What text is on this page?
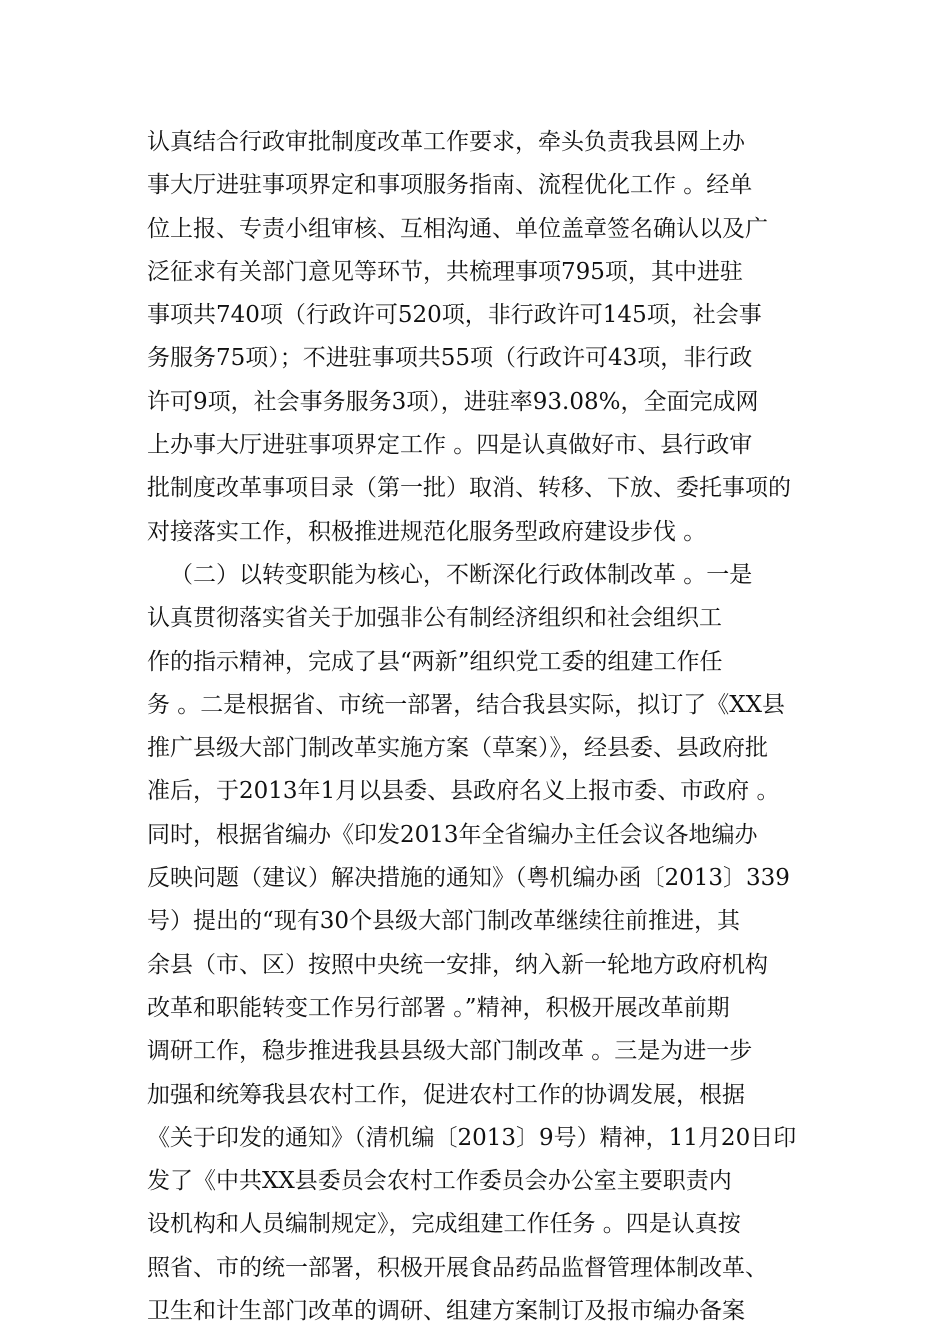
认真结合行政审批制度改革工作要求，牵头负责我县网上办
事大厅进驻事项界定和事项服务指南、流程优化工作 。经单
位上报、专责小组审核、互相沟通、单位盖章签名确认以及广
泛征求有关部门意见等环节，共梳理事项795项，其中进驻
事项共740项（行政许可520项，非行政许可145项，社会事
务服务75项）；不进驻事项共55项（行政许可43项，非行政
许可9项，社会事务服务3项），进驻率93.08%，全面完成网
上办事大厅进驻事项界定工作 。四是认真做好市、县行政审
批制度改革事项目录（第一批）取消、转移、下放、委托事项的
对接落实工作，积极推进规范化服务型政府建设步伐 。
（二）以转变职能为核心，不断深化行政体制改革 。一是
认真贯彻落实省关于加强非公有制经济组织和社会组织工
作的指示精神，完成了县“两新”组织党工委的组建工作任
务 。二是根据省、市统一部署，结合我县实际，拟订了《XX县
推广县级大部门制改革实施方案（草案）》，经县委、县政府批
准后，于2013年1月以县委、县政府名义上报市委、市政府 。
同时，根据省编办《印发2013年全省编办主任会议各地编办
反映问题（建议）解决措施的通知》（粤机编办函〔2013〕339
号）提出的“现有30个县级大部门制改革继续往前推进，其
余县（市、区）按照中央统一安排，纳入新一轮地方政府机构
改革和职能转变工作另行部署 。”精神，积极开展改革前期
调研工作，稳步推进我县县级大部门制改革 。三是为进一步
加强和统筹我县农村工作，促进农村工作的协调发展，根据
《关于印发的通知》（清机编〔2013〕9号）精神，11月20日印
发了《中共XX县委员会农村工作委员会办公室主要职责内
设机构和人员编制规定》，完成组建工作任务 。四是认真按
照省、市的统一部署，积极开展食品药品监督管理体制改革、
卫生和计生部门改革的调研、组建方案制订及报市编办备案
